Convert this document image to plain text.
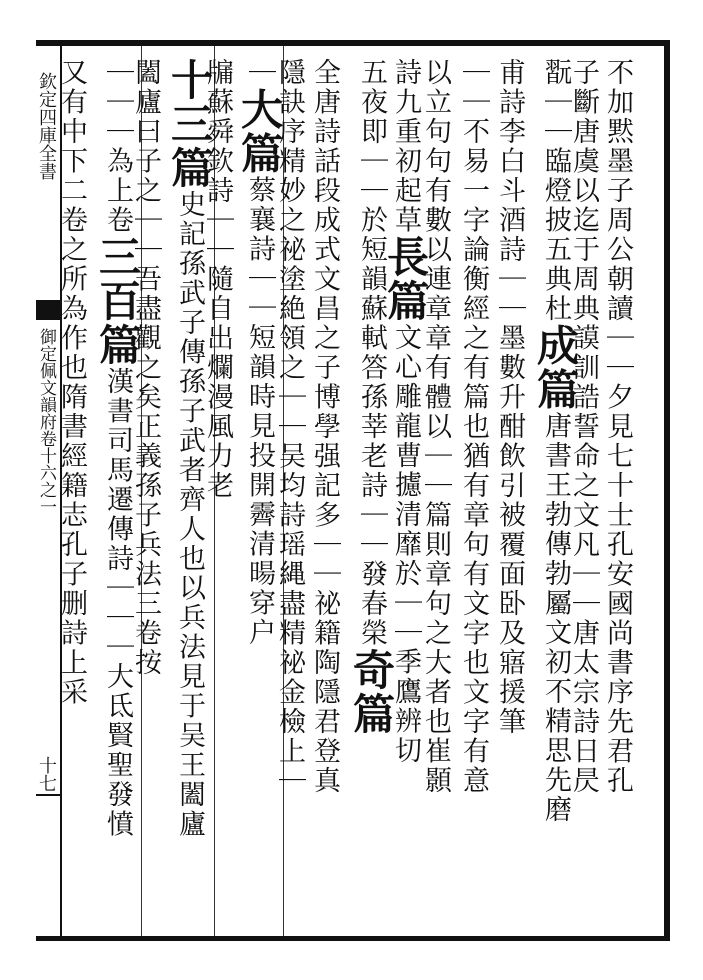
欽定四庫全書
御定佩文韻府卷十六之一
十七	不加黙墨子周公朝讀｜｜夕見七十士孔安國尚書序先君孔
子斷唐虞以迄于周典謨訓誥誓命之文凡｜｜唐太宗詩日昃
翫｜｜臨燈披五典杜成篇唐書王勃傳勃屬文初不精思先磨
甫詩李白斗酒詩｜｜墨數升酣飲引被覆面卧及寤援筆
｜｜不易一字論衡經之有篇也猶有章句有文字也文字有意
以立句句有數以連章章有體以｜｜篇則章句之大者也崔顥
詩九重初起草長篇文心雕龍曹攄清靡於｜｜季鷹辨切
五夜即｜｜於短韻蘇軾答孫莘老詩｜｜發春榮奇篇
全唐詩話段成式文昌之子博學强記多｜｜祕籍陶隱君登真
隱訣序精妙之祕塗絶領之｜｜吴均詩瑶縄盡精祕金檢上｜
｜大篇蔡襄詩｜｜短韻時見投開霽清暘穿户
牖蘇舜欽詩｜｜隨自出爛漫風力老
十三篇史記孫武子傳孫子武者齊人也以兵法見于吴王闔廬
闔廬曰子之｜｜吾盡觀之矣正義孫子兵法三卷按
｜｜｜為上卷三百篇漢書司馬遷傳詩｜｜｜大氐賢聖發憤
又有中下二卷之所為作也隋書經籍志孔子删詩上采
